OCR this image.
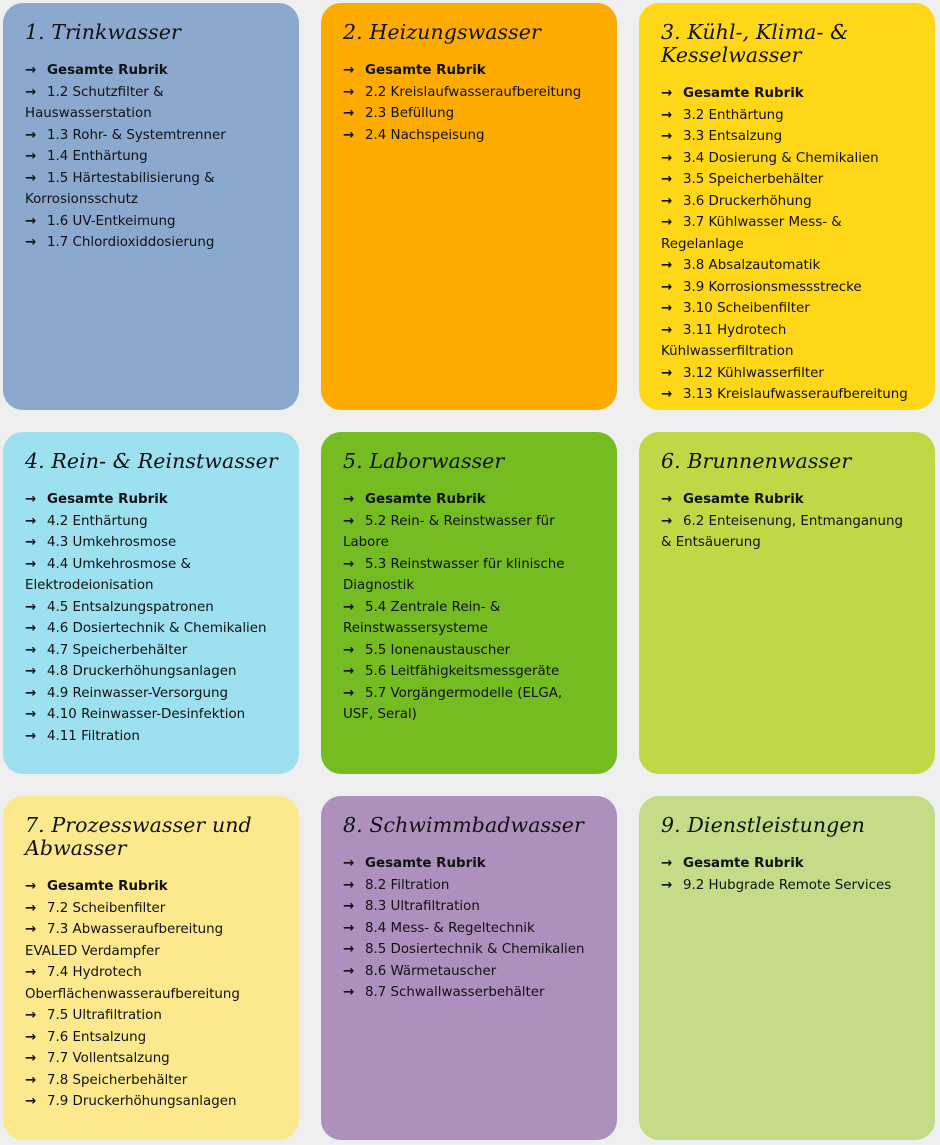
1. Trinkwasser
→ Gesamte Rubrik
→ 1.2 Schutzfilter & Hauswasserstation
→ 1.3 Rohr- & Systemtrenner
→ 1.4 Enthärtung
→ 1.5 Härtestabilisierung & Korrosionsschutz
→ 1.6 UV-Entkeimung
→ 1.7 Chlordioxiddosierung
2. Heizungswasser
→ Gesamte Rubrik
→ 2.2 Kreislaufwasseraufbereitung
→ 2.3 Befüllung
→ 2.4 Nachspeisung
3. Kühl-, Klima- & Kesselwasser
→ Gesamte Rubrik
→ 3.2 Enthärtung
→ 3.3 Entsalzung
→ 3.4 Dosierung & Chemikalien
→ 3.5 Speicherbehälter
→ 3.6 Druckerhöhung
→ 3.7 Kühlwasser Mess- & Regelanlage
→ 3.8 Absalzautomatik
→ 3.9 Korrosionsmessstrecke
→ 3.10 Scheibenfilter
→ 3.11 Hydrotech Kühlwasserfiltration
→ 3.12 Kühlwasserfilter
→ 3.13 Kreislaufwasseraufbereitung
4. Rein- & Reinstwasser
→ Gesamte Rubrik
→ 4.2 Enthärtung
→ 4.3 Umkehrosmose
→ 4.4 Umkehrosmose & Elektrodeionisation
→ 4.5 Entsalzungspatronen
→ 4.6 Dosiertechnik & Chemikalien
→ 4.7 Speicherbehälter
→ 4.8 Druckerhöhungsanlagen
→ 4.9 Reinwasser-Versorgung
→ 4.10 Reinwasser-Desinfektion
→ 4.11 Filtration
5. Laborwasser
→ Gesamte Rubrik
→ 5.2 Rein- & Reinstwasser für Labore
→ 5.3 Reinstwasser für klinische Diagnostik
→ 5.4 Zentrale Rein- & Reinstwassersysteme
→ 5.5 Ionenaustauscher
→ 5.6 Leitfähigkeitsmessgeräte
→ 5.7 Vorgängermodelle (ELGA, USF, Seral)
6. Brunnenwasser
→ Gesamte Rubrik
→ 6.2 Enteisenung, Entmanganung & Entsäuerung
7. Prozesswasser und Abwasser
→ Gesamte Rubrik
→ 7.2 Scheibenfilter
→ 7.3 Abwasseraufbereitung EVALED Verdampfer
→ 7.4 Hydrotech Oberflächenwasseraufbereitung
→ 7.5 Ultrafiltration
→ 7.6 Entsalzung
→ 7.7 Vollentsalzung
→ 7.8 Speicherbehälter
→ 7.9 Druckerhöhungsanlagen
8. Schwimmbadwasser
→ Gesamte Rubrik
→ 8.2 Filtration
→ 8.3 Ultrafiltration
→ 8.4 Mess- & Regeltechnik
→ 8.5 Dosiertechnik & Chemikalien
→ 8.6 Wärmetauscher
→ 8.7 Schwallwasserbehälter
9. Dienstleistungen
→ Gesamte Rubrik
→ 9.2 Hubgrade Remote Services
